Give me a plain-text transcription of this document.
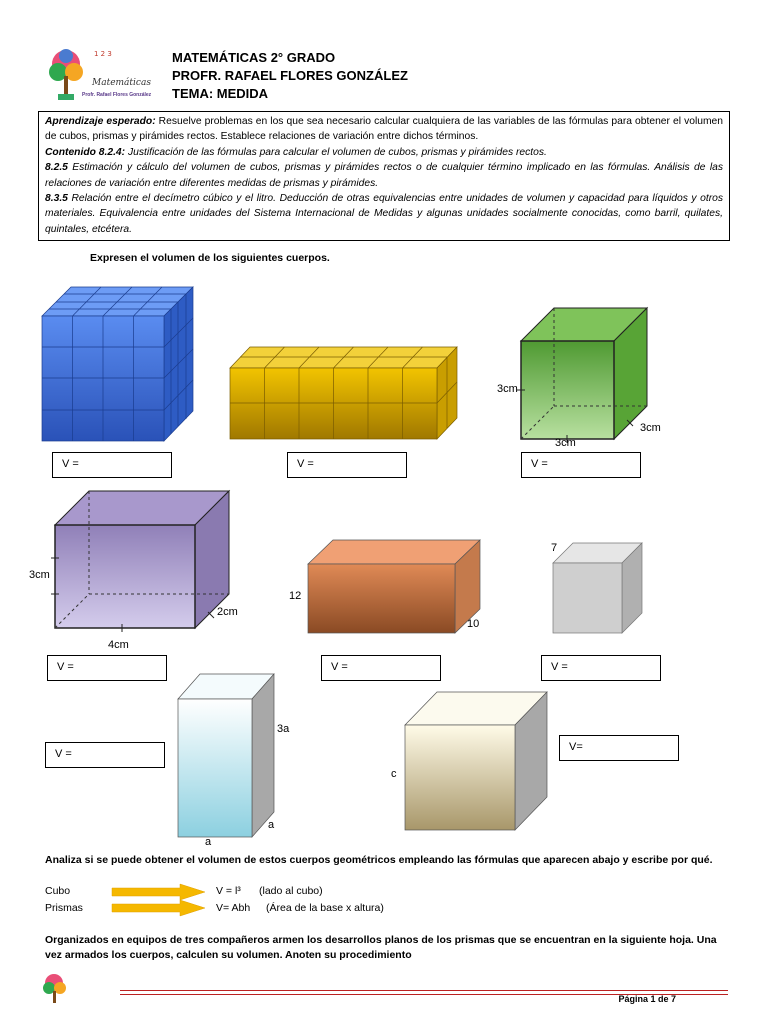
1 2 3
Matemáticas
Profr. Rafael Flores González
MATEMÁTICAS 2° GRADO
PROFR. RAFAEL FLORES GONZÁLEZ
TEMA: MEDIDA

Aprendizaje esperado: Resuelve problemas en los que sea necesario calcular cualquiera de las variables de las fórmulas para obtener el volumen de cubos, prismas y pirámides rectos. Establece relaciones de variación entre dichos términos.

Contenido 8.2.4: Justificación de las fórmulas para calcular el volumen de cubos, prismas y pirámides rectos.

8.2.5 Estimación y cálculo del volumen de cubos, prismas y pirámides rectos o de cualquier término implicado en las fórmulas. Análisis de las relaciones de variación entre diferentes medidas de prismas y pirámides.

8.3.5 Relación entre el decímetro cúbico y el litro. Deducción de otras equivalencias entre unidades de volumen y capacidad para líquidos y otros materiales. Equivalencia entre unidades del Sistema Internacional de Medidas y algunas unidades socialmente conocidas, como barril, quilates, quintales, etcétera.

Expresen el volumen de los siguientes cuerpos.
3cm
3cm
3cm
3cm
4cm
2cm
12
10
7
3a
a
a
c
V =	V =	V =
V =	V =	V =
V =
V=
Analiza si se puede obtener el volumen de estos cuerpos geométricos empleando las fórmulas que aparecen abajo y escribe por qué.
Cubo	V = l³ (lado al cubo)
Prismas	V= Abh (Área de la base x altura)
Organizados en equipos de tres compañeros armen los desarrollos planos de los prismas que se encuentran en la siguiente hoja. Una vez armados los cuerpos, calculen su volumen. Anoten su procedimiento
Página 1 de 7
